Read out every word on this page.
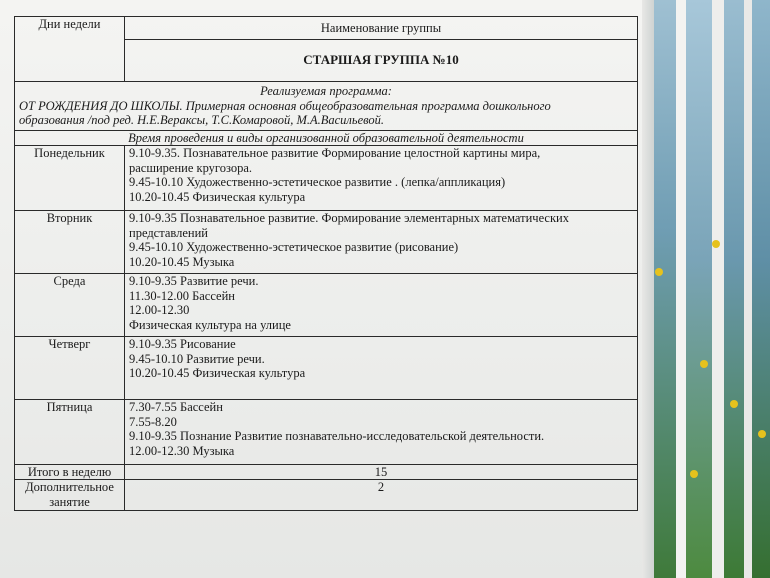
Дни недели	Наименование группы
	СТАРШАЯ ГРУППА №10

Реализуемая программа:
ОТ РОЖДЕНИЯ ДО ШКОЛЫ. Примерная основная общеобразовательная программа дошкольного
образования /под ред. Н.Е.Вераксы, Т.С.Комаровой, М.А.Васильевой.	

Время проведения и виды организованной образовательной деятельности	
Понедельник	9.10-9.35. Познавательное развитие Формирование целостной картины мира,
расширение кругозора.
9.45-10.10 Художественно-эстетическое развитие . (лепка/аппликация)
10.20-10.45 Физическая культура

Вторник	9.10-9.35 Познавательное развитие. Формирование элементарных математических
представлений
9.45-10.10 Художественно-эстетическое развитие (рисование)
10.20-10.45 Музыка

Среда	9.10-9.35 Развитие речи.
11.30-12.00 Бассейн
12.00-12.30
Физическая культура на улице

Четверг	9.10-9.35 Рисование
9.45-10.10 Развитие речи.
10.20-10.45 Физическая культура

Пятница	7.30-7.55 Бассейн
7.55-8.20
9.10-9.35 Познание Развитие познавательно-исследовательской деятельности.
12.00-12.30 Музыка

Итого в неделю	15
Дополнительное занятие	2
